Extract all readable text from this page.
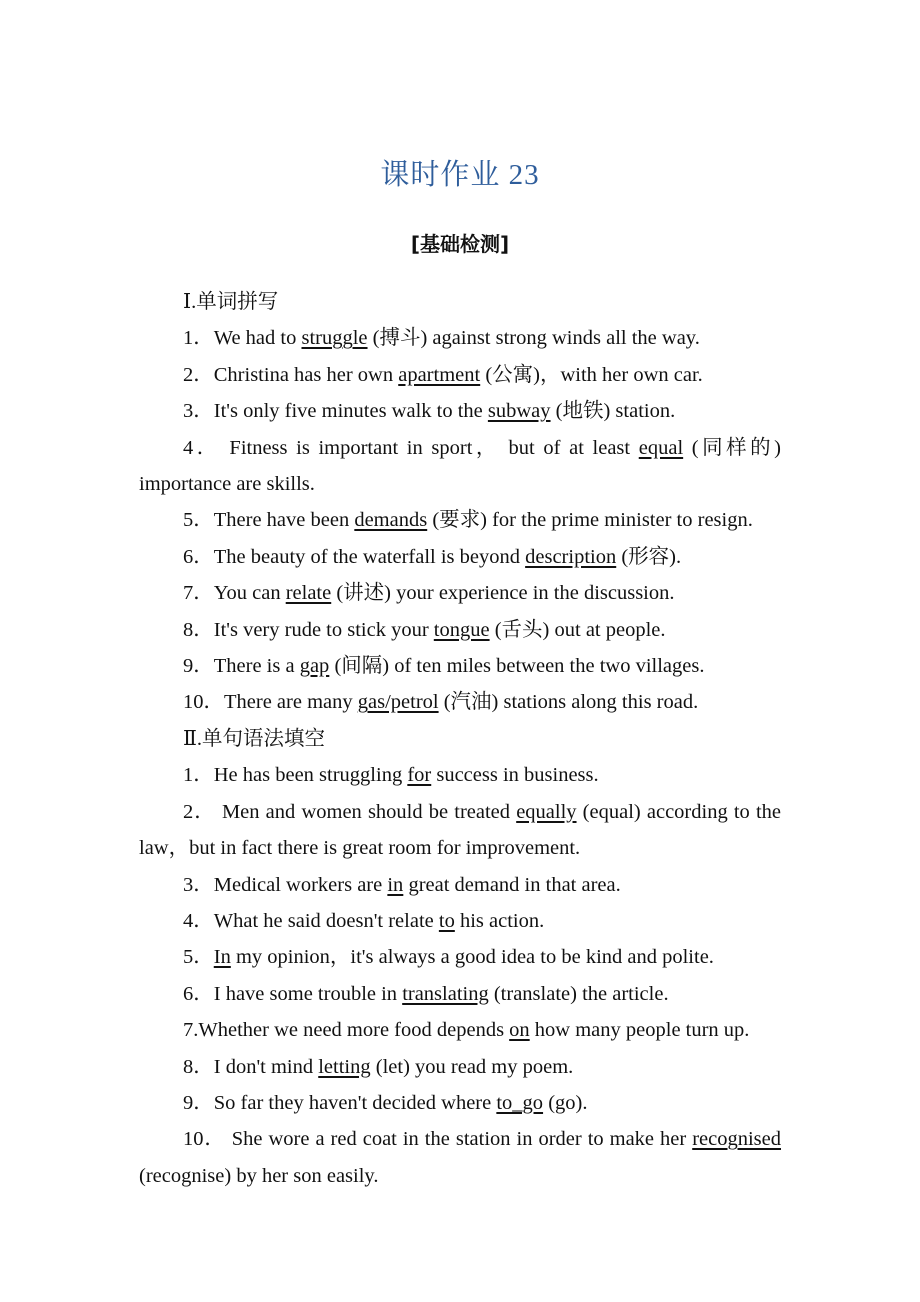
课时作业 23
[基础检测]

Ⅰ.单词拼写

1．We had to struggle (搏斗) against strong winds all the way.

2．Christina has her own apartment (公寓)，with her own car.

3．It's only five minutes walk to the subway (地铁) station.

4． Fitness is important in sport， but of at least equal (同样的) importance are skills.

5．There have been demands (要求) for the prime minister to resign.

6．The beauty of the waterfall is beyond description (形容).

7．You can relate (讲述) your experience in the discussion.

8．It's very rude to stick your tongue (舌头) out at people.

9．There is a gap (间隔) of ten miles between the two villages.

10．There are many gas/petrol (汽油) stations along this road.

Ⅱ.单句语法填空

1．He has been struggling for success in business.

2． Men and women should be treated equally (equal) according to the law，but in fact there is great room for improvement.

3．Medical workers are in great demand in that area.

4．What he said doesn't relate to his action.

5．In my opinion，it's always a good idea to be kind and polite.

6．I have some trouble in translating (translate) the article.

7.Whether we need more food depends on how many people turn up.

8．I don't mind letting (let) you read my poem.

9．So far they haven't decided where to_go (go).

10． She wore a red coat in the station in order to make her recognised (recognise) by her son easily.
